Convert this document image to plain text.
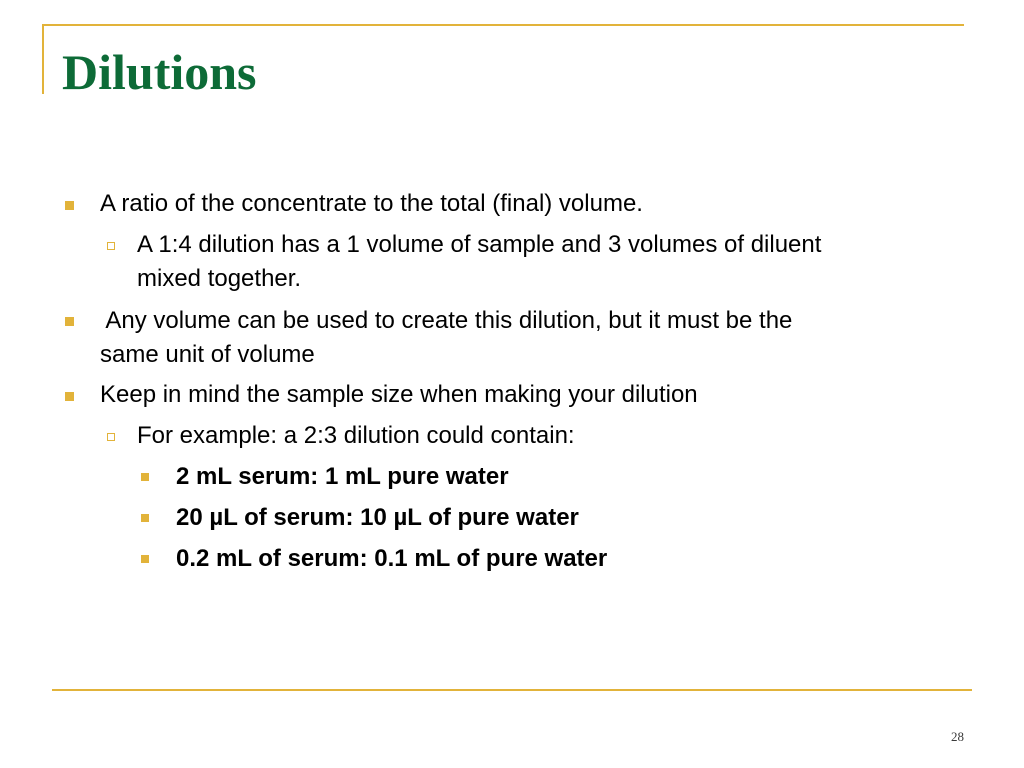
Dilutions
A ratio of the concentrate to the total (final) volume.
A 1:4 dilution has a 1 volume of sample and 3 volumes of diluent
mixed together.
Any volume can be used to create this dilution, but it must be the
same unit of volume
Keep in mind the sample size when making your dilution
For example: a 2:3 dilution could contain:
2 mL serum: 1 mL pure water
20 µL of serum: 10 µL of pure water
0.2 mL of serum: 0.1 mL of pure water
28
